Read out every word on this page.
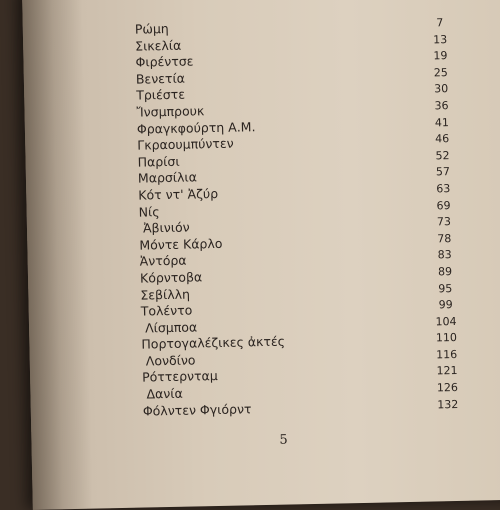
Ρώμη	7
Σικελία	13
Φιρέντσε	19
Βενετία	25
Τριέστε	30
Ἴνσμπρουκ	36
Φραγκφούρτη Α.Μ.	41
Γκραουμπύντεν	46
Παρίσι	52
Μαρσίλια	57
Κότ ντ' Ἀζύρ	63
Νίς	69
Ἀβινιόν	73
Μόντε Κάρλο	78
Ἀντόρα	83
Κόρντοβα	89
Σεβίλλη	95
Τολέντο	99
Λίσμποα	104
Πορτογαλέζικες ἀκτές	110
Λονδίνο	116
Ρόττερνταμ	121
Δανία	126
Φόλντεν Φγιόρντ	132
5
